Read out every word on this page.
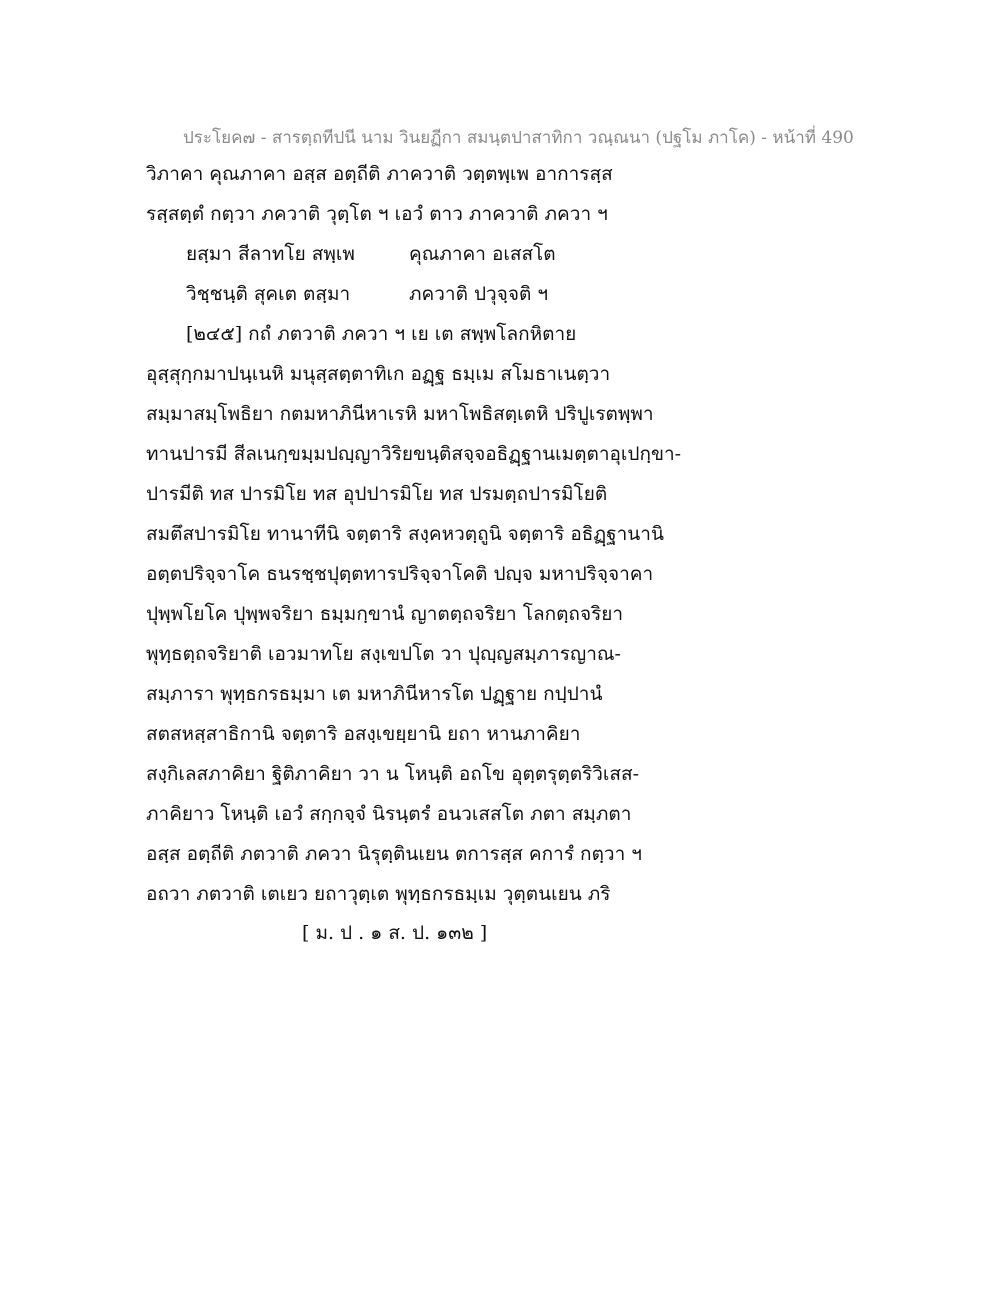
ประโยค๗ - สารตฺถทีปนี นาม วินยฏีกา สมนฺตปาสาทิกา วณฺณนา (ปฐโม ภาโค) - หน้าที่ 490
วิภาคา คุณภาคา อสฺส อตฺถีติ ภาควาติ วตฺตพฺเพ อาการสฺส
รสฺสตฺตํ กตฺวา ภควาติ วุตฺโต ฯ เอวํ ตาว ภาควาติ ภควา ฯ
ยสฺมา สีลาทโย สพฺเพ	คุณภาคา อเสสโต
วิชฺชนฺติ สุคเต ตสฺมา	ภควาติ ปวุจฺจติ ฯ
[๒๔๕] กถํ ภตวาติ ภควา ฯ เย เต สพฺพโลกหิตาย
อุสฺสุกฺกมาปนฺเนหิ มนุสฺสตฺตาทิเก อฏฺฐ ธมฺเม สโมธาเนตฺวา
สมฺมาสมฺโพธิยา กตมหาภินีหาเรหิ มหาโพธิสตฺเตหิ ปริปูเรตพฺพา
ทานปารมี สีลเนกฺขมฺมปญฺญาวิริยขนฺติสจฺจอธิฏฺฐานเมตฺตาอุเปกฺขา-
ปารมีติ ทส ปารมิโย ทส อุปปารมิโย ทส ปรมตฺถปารมิโยติ
สมตึสปารมิโย ทานาทีนิ จตฺตาริ สงฺคหวตฺถูนิ จตฺตาริ อธิฏฺฐานานิ
อตฺตปริจฺจาโค ธนรชฺชปุตฺตทารปริจฺจาโคติ ปญฺจ มหาปริจฺจาคา
ปุพฺพโยโค ปุพฺพจริยา ธมฺมกฺขานํ ญาตตฺถจริยา โลกตฺถจริยา
พุทฺธตฺถจริยาติ เอวมาทโย สงฺเขปโต วา ปุญฺญสมฺภารญาณ-
สมฺภารา พุทฺธกรธมฺมา เต มหาภินีหารโต ปฏฺฐาย กปฺปานํ
สตสหสฺสาธิกานิ จตฺตาริ อสงฺเขยฺยานิ ยถา หานภาคิยา
สงฺกิเลสภาคิยา ฐิติภาคิยา วา น โหนฺติ อถโข อุตฺตรุตฺตริวิเสส-
ภาคิยาว โหนฺติ เอวํ สกฺกจฺจํ นิรนฺตรํ อนวเสสโต ภตา สมฺภตา
อสฺส อตฺถีติ ภตวาติ ภควา นิรุตฺตินเยน ตการสฺส คการํ กตฺวา ฯ
อถวา ภตวาติ เตเยว ยถาวุตฺเต พุทฺธกรธมฺเม วุตฺตนเยน ภริ
[ ม. ป . ๑ ส. ป. ๑๓๒ ]
